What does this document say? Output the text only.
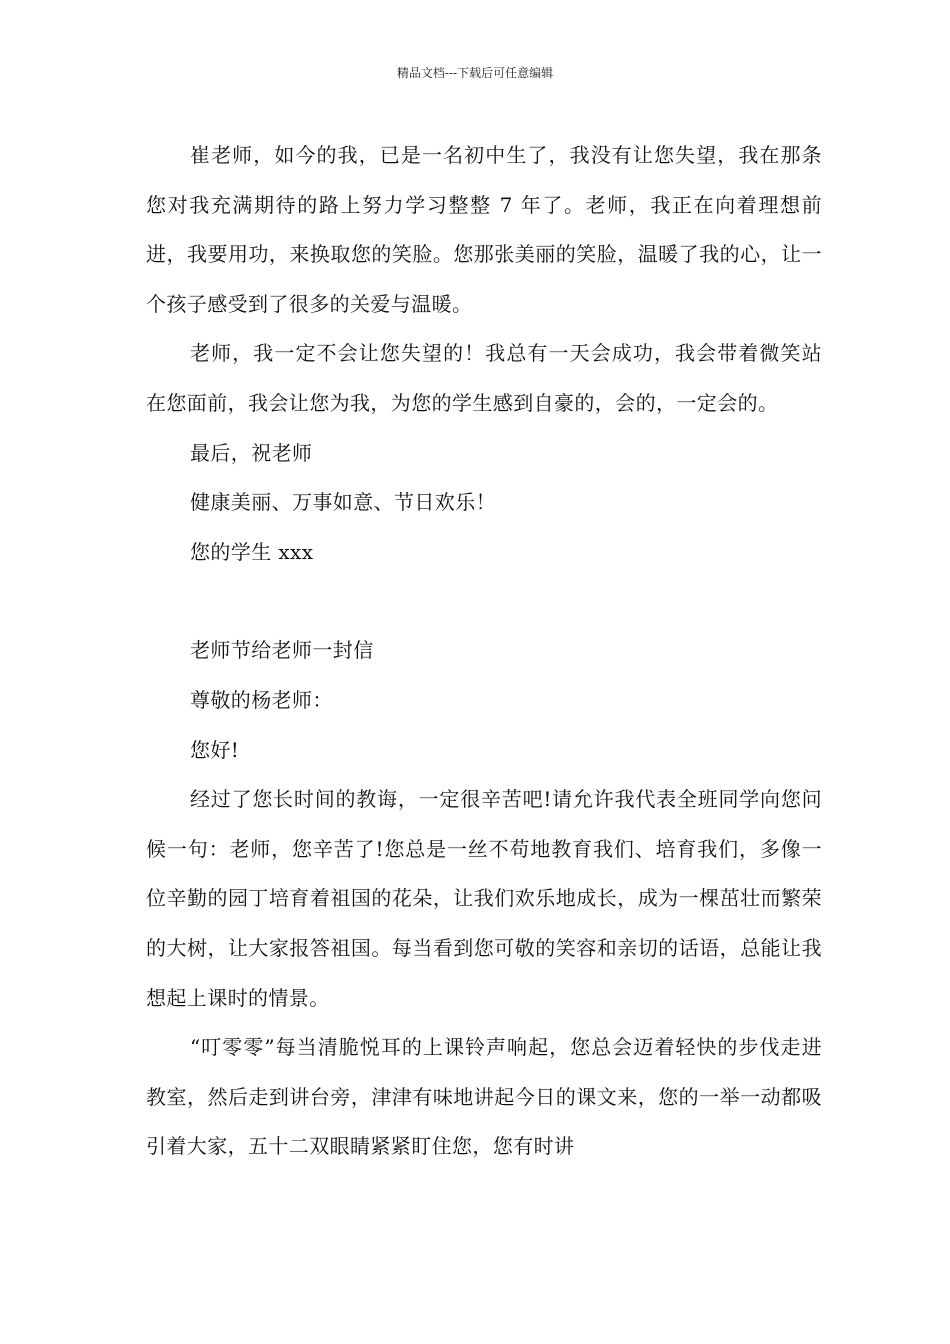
精品文档---下载后可任意编辑

崔老师，如今的我，已是一名初中生了，我没有让您失望，我在那条您对我充满期待的路上努力学习整整 7 年了。老师，我正在向着理想前进，我要用功，来换取您的笑脸。您那张美丽的笑脸，温暖了我的心，让一个孩子感受到了很多的关爱与温暖。

老师，我一定不会让您失望的！我总有一天会成功，我会带着微笑站在您面前，我会让您为我，为您的学生感到自豪的，会的，一定会的。

最后，祝老师

健康美丽、万事如意、节日欢乐！

您的学生 xxx

老师节给老师一封信

尊敬的杨老师：

您好!

经过了您长时间的教诲，一定很辛苦吧!请允许我代表全班同学向您问候一句：老师，您辛苦了!您总是一丝不苟地教育我们、培育我们，多像一位辛勤的园丁培育着祖国的花朵，让我们欢乐地成长，成为一棵茁壮而繁荣的大树，让大家报答祖国。每当看到您可敬的笑容和亲切的话语，总能让我想起上课时的情景。

“叮零零”每当清脆悦耳的上课铃声响起，您总会迈着轻快的步伐走进教室，然后走到讲台旁，津津有味地讲起今日的课文来，您的一举一动都吸引着大家，五十二双眼睛紧紧盯住您，您有时讲
